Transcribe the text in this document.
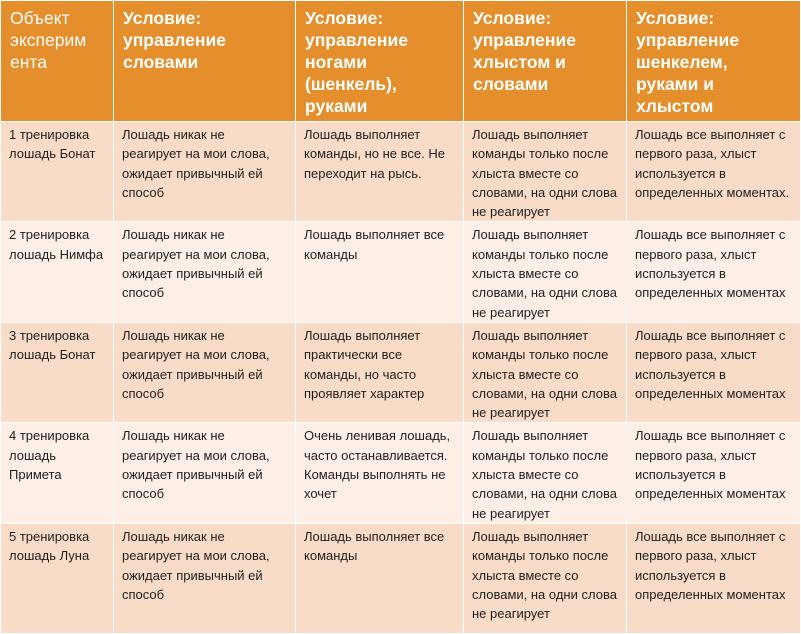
Объект эксперим ента	Условие: управление словами	Условие: управление ногами (шенкель), руками	Условие: управление хлыстом и словами	Условие: управление шенкелем, руками и хлыстом
1 тренировка лошадь Бонат	Лошадь никак не реагирует на мои слова, ожидает привычный ей способ	Лошадь выполняет команды, но не все. Не переходит на рысь.	Лошадь выполняет команды только после хлыста вместе со словами, на одни слова не реагирует	Лошадь все выполняет с первого раза, хлыст используется в определенных моментах.
2 тренировка лошадь Нимфа	Лошадь никак не реагирует на мои слова, ожидает привычный ей способ	Лошадь выполняет все команды	Лошадь выполняет команды только после хлыста вместе со словами, на одни слова не реагирует	Лошадь все выполняет с первого раза, хлыст используется в определенных моментах
3 тренировка лошадь Бонат	Лошадь никак не реагирует на мои слова, ожидает привычный ей способ	Лошадь выполняет практически все команды, но часто проявляет характер	Лошадь выполняет команды только после хлыста вместе со словами, на одни слова не реагирует	Лошадь все выполняет с первого раза, хлыст используется в определенных моментах
4 тренировка лошадь Примета	Лошадь никак не реагирует на мои слова, ожидает привычный ей способ	Очень ленивая лошадь, часто останавливается. Команды выполнять не хочет	Лошадь выполняет команды только после хлыста вместе со словами, на одни слова не реагирует	Лошадь все выполняет с первого раза, хлыст используется в определенных моментах
5 тренировка лошадь Луна	Лошадь никак не реагирует на мои слова, ожидает привычный ей способ	Лошадь выполняет все команды	Лошадь выполняет команды только после хлыста вместе со словами, на одни слова не реагирует	Лошадь все выполняет с первого раза, хлыст используется в определенных моментах
